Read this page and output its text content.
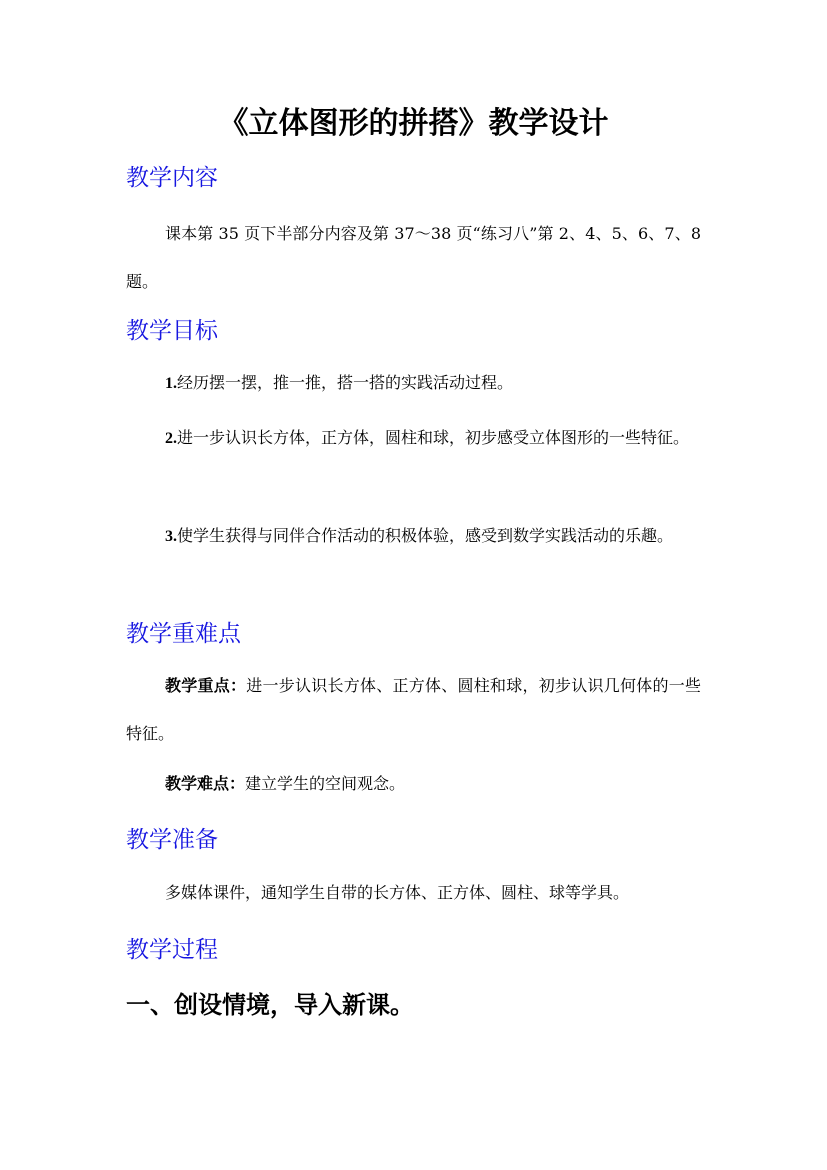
《立体图形的拼搭》教学设计
教学内容
课本第 35 页下半部分内容及第 37～38 页“练习八”第 2、4、5、6、7、8 题。
教学目标
1.经历摆一摆，推一推，搭一搭的实践活动过程。
2.进一步认识长方体，正方体，圆柱和球，初步感受立体图形的一些特征。
3.使学生获得与同伴合作活动的积极体验，感受到数学实践活动的乐趣。
教学重难点
教学重点：进一步认识长方体、正方体、圆柱和球，初步认识几何体的一些特征。
教学难点：建立学生的空间观念。
教学准备
多媒体课件，通知学生自带的长方体、正方体、圆柱、球等学具。
教学过程
一、创设情境，导入新课。
